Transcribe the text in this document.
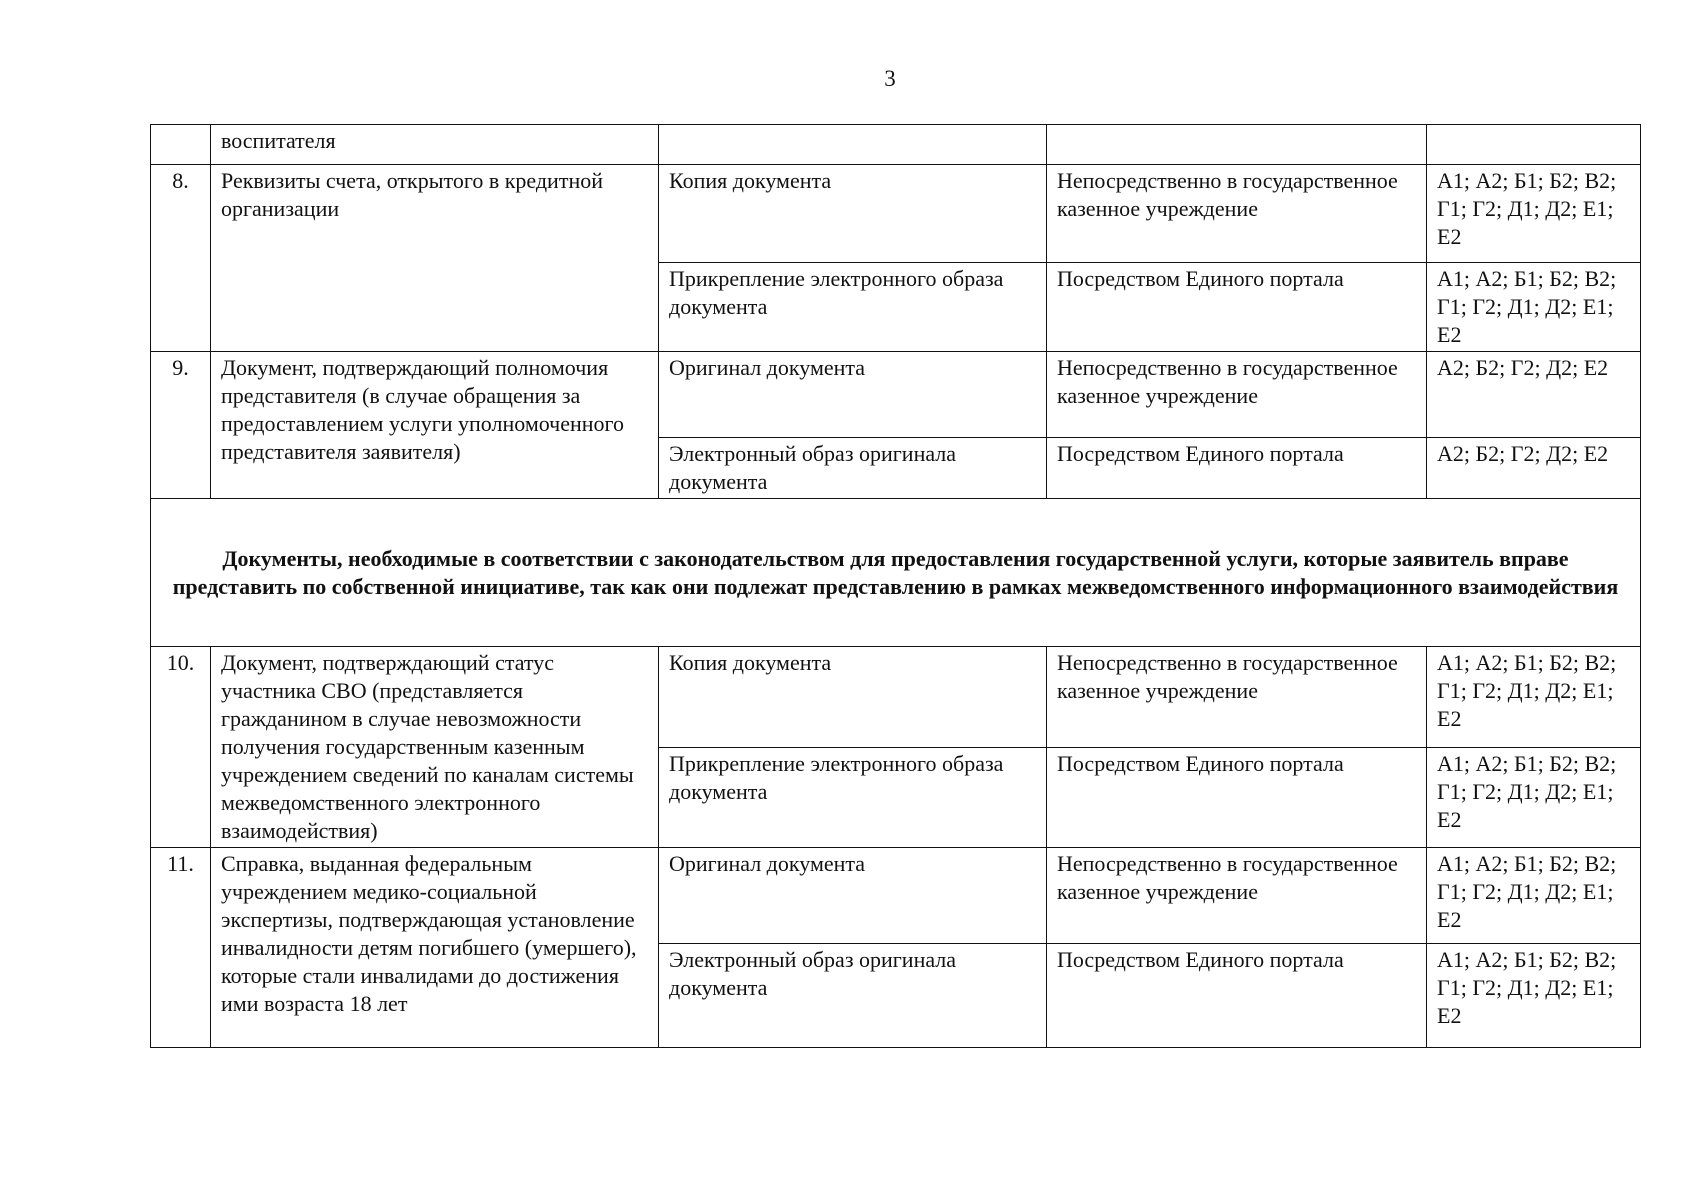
3
	воспитателя			
8.	Реквизиты счета, открытого в кредитной организации	Копия документа	Непосредственно в государственное казенное учреждение	А1; А2; Б1; Б2; В2; Г1; Г2; Д1; Д2; Е1; Е2
		Прикрепление электронного образа документа	Посредством Единого портала	А1; А2; Б1; Б2; В2; Г1; Г2; Д1; Д2; Е1; Е2
9.	Документ, подтверждающий полномочия представителя (в случае обращения за предоставлением услуги уполномоченного представителя заявителя)	Оригинал документа	Непосредственно в государственное казенное учреждение	А2; Б2; Г2; Д2; Е2
		Электронный образ оригинала документа	Посредством Единого портала	А2; Б2; Г2; Д2; Е2
Документы, необходимые в соответствии с законодательством для предоставления государственной услуги, которые заявитель вправе представить по собственной инициативе, так как они подлежат представлению в рамках межведомственного информационного взаимодействия				
10.	Документ, подтверждающий статус участника СВО (представляется гражданином в случае невозможности получения государственным казенным учреждением сведений по каналам системы межведомственного электронного взаимодействия)	Копия документа	Непосредственно в государственное казенное учреждение	А1; А2; Б1; Б2; В2; Г1; Г2; Д1; Д2; Е1; Е2
		Прикрепление электронного образа документа	Посредством Единого портала	А1; А2; Б1; Б2; В2; Г1; Г2; Д1; Д2; Е1; Е2
11.	Справка, выданная федеральным учреждением медико-социальной экспертизы, подтверждающая установление инвалидности детям погибшего (умершего), которые стали инвалидами до достижения ими возраста 18 лет	Оригинал документа	Непосредственно в государственное казенное учреждение	А1; А2; Б1; Б2; В2; Г1; Г2; Д1; Д2; Е1; Е2
		Электронный образ оригинала документа	Посредством Единого портала	А1; А2; Б1; Б2; В2; Г1; Г2; Д1; Д2; Е1; Е2
